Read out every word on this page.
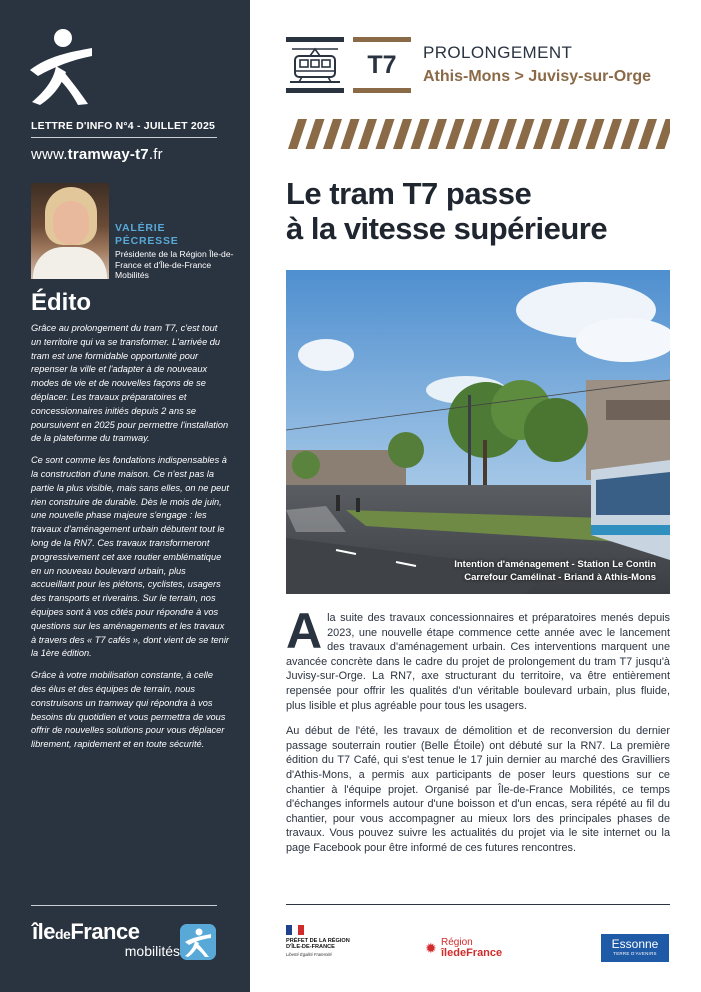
LETTRE D'INFO N°4 - JUILLET 2025
www.tramway-t7.fr
VALÉRIE
PÉCRESSE
Présidente de la Région Île-de-France et d'Île-de-France Mobilités
Édito

Grâce au prolongement du tram T7, c'est tout un territoire qui va se transformer. L'arrivée du tram est une formidable opportunité pour repenser la ville et l'adapter à de nouveaux modes de vie et de nouvelles façons de se déplacer. Les travaux préparatoires et concessionnaires initiés depuis 2 ans se poursuivent en 2025 pour permettre l'installation de la plateforme du tramway.

Ce sont comme les fondations indispensables à la construction d'une maison. Ce n'est pas la partie la plus visible, mais sans elles, on ne peut rien construire de durable. Dès le mois de juin, une nouvelle phase majeure s'engage : les travaux d'aménagement urbain débutent tout le long de la RN7. Ces travaux transformeront progressivement cet axe routier emblématique en un nouveau boulevard urbain, plus accueillant pour les piétons, cyclistes, usagers des transports et riverains. Sur le terrain, nos équipes sont à vos côtés pour répondre à vos questions sur les aménagements et les travaux à travers des « T7 cafés », dont vient de se tenir la 1ère édition.

Grâce à votre mobilisation constante, à celle des élus et des équipes de terrain, nous construisons un tramway qui répondra à vos besoins du quotidien et vous permettra de vous offrir de nouvelles solutions pour vous déplacer librement, rapidement et en toute sécurité.

îledeFrance
mobilités
T7	PROLONGEMENT
Athis-Mons > Juvisy-sur-Orge
Le tram T7 passe
à la vitesse supérieure
Intention d'aménagement - Station Le Contin
Carrefour Camélinat - Briand à Athis-Mons

Ala suite des travaux concessionnaires et préparatoires menés depuis 2023, une nouvelle étape commence cette année avec le lancement des travaux d'aménagement urbain. Ces interventions marquent une avancée concrète dans le cadre du projet de prolongement du tram T7 jusqu'à Juvisy-sur-Orge. La RN7, axe structurant du territoire, va être entièrement repensée pour offrir les qualités d'un véritable boulevard urbain, plus fluide, plus lisible et plus agréable pour tous les usagers.

Au début de l'été, les travaux de démolition et de reconversion du dernier passage souterrain routier (Belle Étoile) ont débuté sur la RN7. La première édition du T7 Café, qui s'est tenue le 17 juin dernier au marché des Gravilliers d'Athis-Mons, a permis aux participants de poser leurs questions sur ce chantier à l'équipe projet. Organisé par Île-de-France Mobilités, ce temps d'échanges informels autour d'une boisson et d'un encas, sera répété au fil du chantier, pour vous accompagner au mieux lors des principales phases de travaux. Vous pouvez suivre les actualités du projet via le site internet ou la page Facebook pour être informé de ces futures rencontres.

PRÉFET DE LA RÉGION D'ÎLE-DE-FRANCE
Liberté Égalité Fraternité	✹ Région
îledeFrance
Essonne
TERRE D'AVENIRS
